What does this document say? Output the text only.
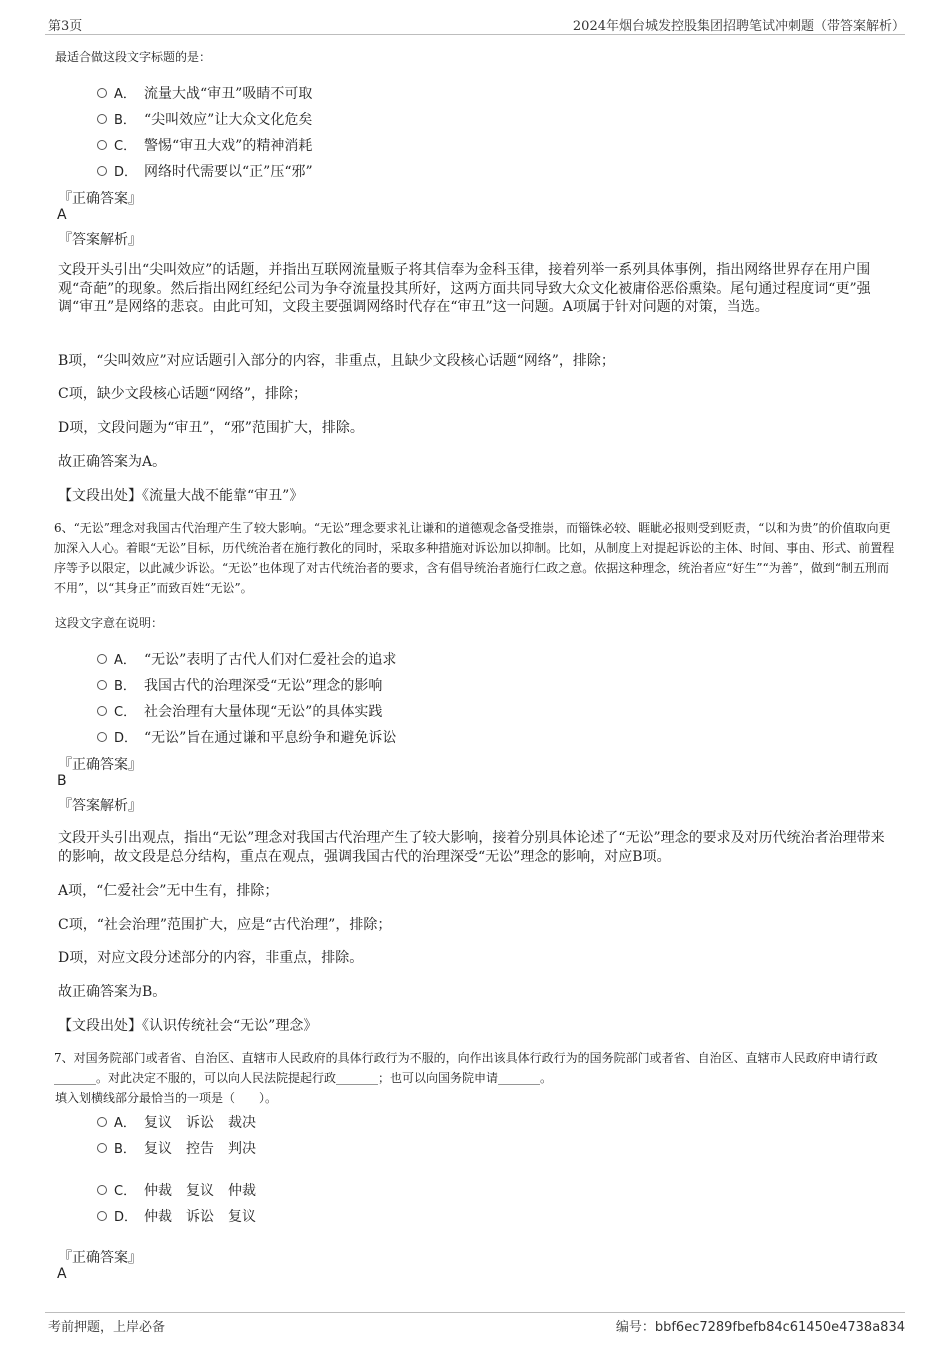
第3页	2024年烟台城发控股集团招聘笔试冲刺题（带答案解析）
最适合做这段文字标题的是：
A． 流量大战“审丑”吸睛不可取
B． “尖叫效应”让大众文化危矣
C． 警惕“审丑大戏”的精神消耗
D． 网络时代需要以“正”压“邪”
『正确答案』
A
『答案解析』
文段开头引出“尖叫效应”的话题，并指出互联网流量贩子将其信奉为金科玉律，接着列举一系列具体事例，指出网络世界存在用户围观“奇葩”的现象。然后指出网红经纪公司为争夺流量投其所好，这两方面共同导致大众文化被庸俗恶俗熏染。尾句通过程度词“更”强调“审丑”是网络的悲哀。由此可知，文段主要强调网络时代存在“审丑”这一问题。A项属于针对问题的对策，当选。
B项，“尖叫效应”对应话题引入部分的内容，非重点，且缺少文段核心话题“网络”，排除；
C项，缺少文段核心话题“网络”，排除；
D项，文段问题为“审丑”，“邪”范围扩大，排除。
故正确答案为A。
【文段出处】《流量大战不能靠“审丑”》
6、“无讼”理念对我国古代治理产生了较大影响。“无讼”理念要求礼让谦和的道德观念备受推崇，而锱铢必较、睚眦必报则受到贬责，“以和为贵”的价值取向更加深入人心。着眼“无讼”目标，历代统治者在施行教化的同时，采取多种措施对诉讼加以抑制。比如，从制度上对提起诉讼的主体、时间、事由、形式、前置程序等予以限定，以此减少诉讼。“无讼”也体现了对古代统治者的要求，含有倡导统治者施行仁政之意。依据这种理念，统治者应“好生”“为善”，做到“制五刑而不用”，以“其身正”而致百姓“无讼”。
这段文字意在说明：
A． “无讼”表明了古代人们对仁爱社会的追求
B． 我国古代的治理深受“无讼”理念的影响
C． 社会治理有大量体现“无讼”的具体实践
D． “无讼”旨在通过谦和平息纷争和避免诉讼
『正确答案』
B
『答案解析』
文段开头引出观点，指出“无讼”理念对我国古代治理产生了较大影响，接着分别具体论述了“无讼”理念的要求及对历代统治者治理带来的影响，故文段是总分结构，重点在观点，强调我国古代的治理深受“无讼”理念的影响，对应B项。
A项，“仁爱社会”无中生有，排除；
C项，“社会治理”范围扩大，应是“古代治理”，排除；
D项，对应文段分述部分的内容，非重点，排除。
故正确答案为B。
【文段出处】《认识传统社会“无讼”理念》
7、对国务院部门或者省、自治区、直辖市人民政府的具体行政行为不服的，向作出该具体行政行为的国务院部门或者省、自治区、直辖市人民政府申请行政_______。对此决定不服的，可以向人民法院提起行政_______；也可以向国务院申请_______。
填入划横线部分最恰当的一项是（　　）。
A． 复议　诉讼　裁决
B． 复议　控告　判决
C． 仲裁　复议　仲裁
D． 仲裁　诉讼　复议
『正确答案』
A
考前押题，上岸必备	编号：bbf6ec7289fbefb84c61450e4738a834
